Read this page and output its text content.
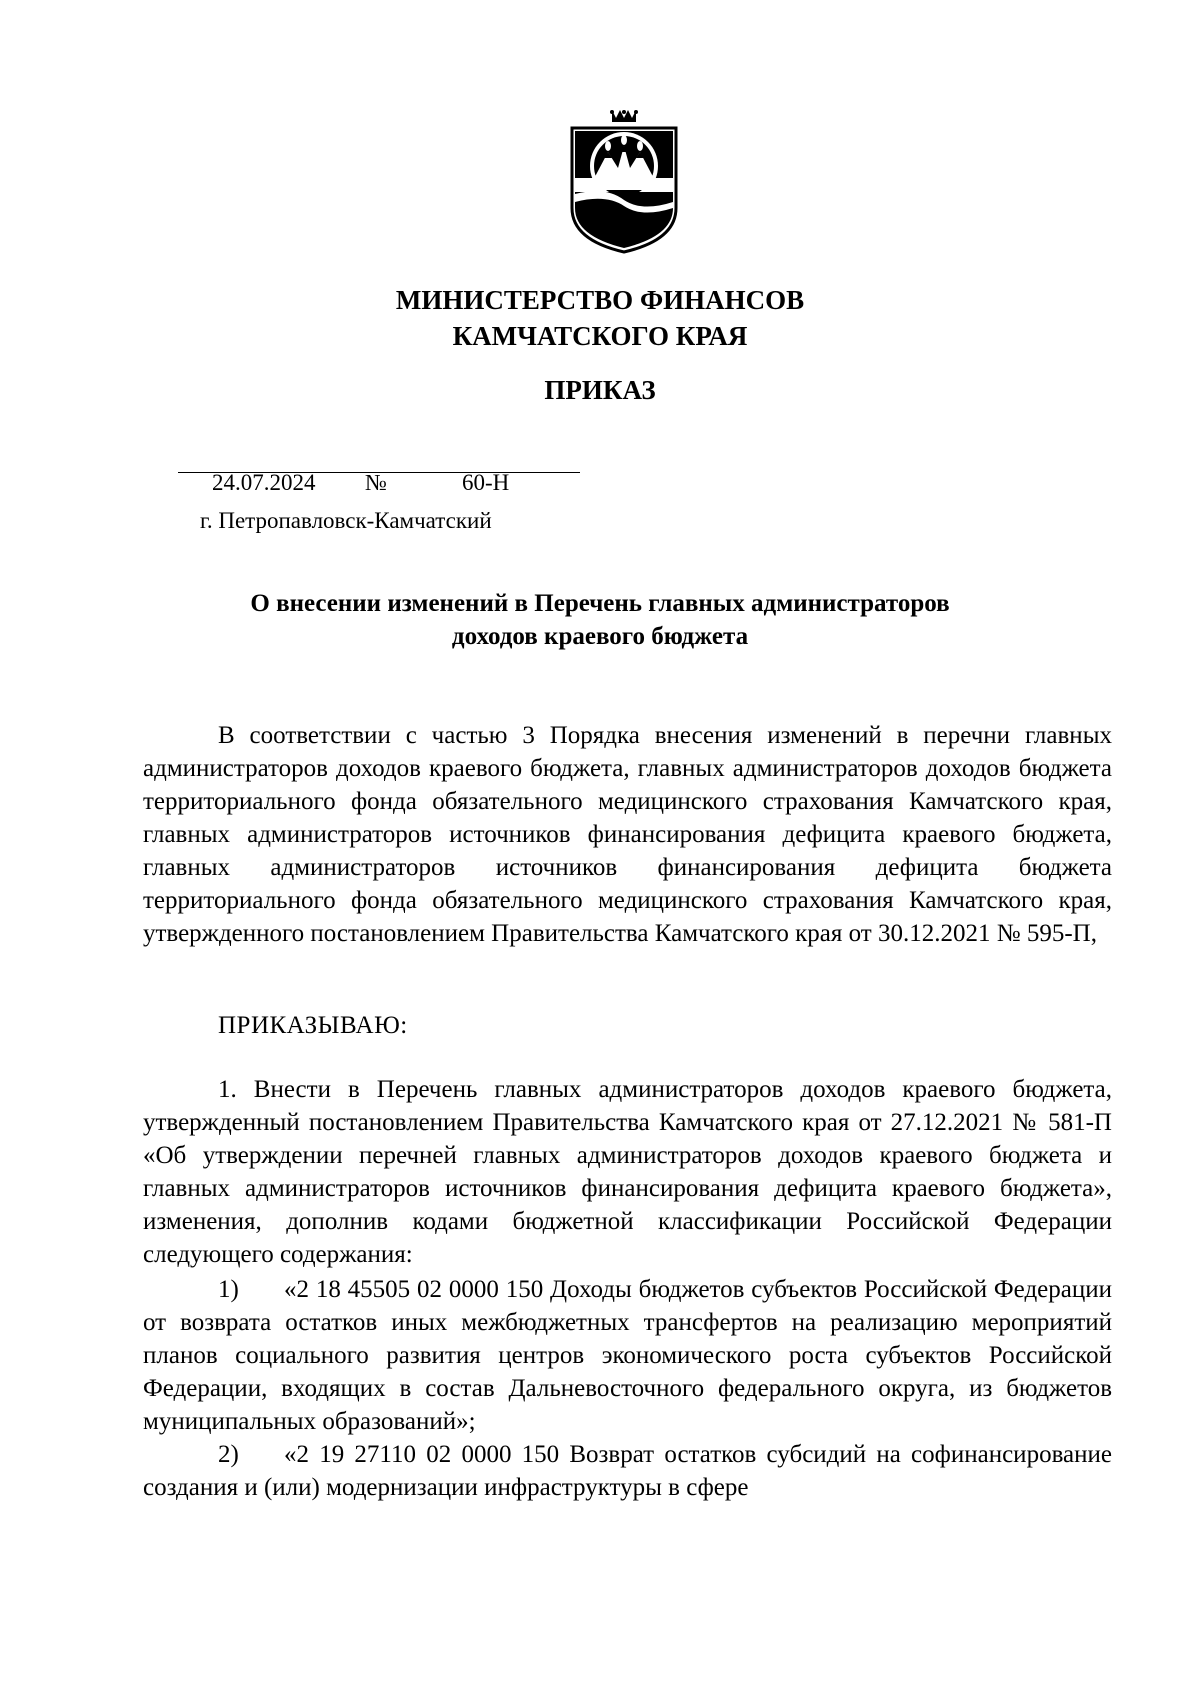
МИНИСТЕРСТВО ФИНАНСОВ
КАМЧАТСКОГО КРАЯ
ПРИКАЗ
24.07.2024 №	60-Н
г. Петропавловск-Камчатский
О внесении изменений в Перечень главных администраторов
доходов краевого бюджета
В соответствии с частью 3 Порядка внесения изменений в перечни главных администраторов доходов краевого бюджета, главных администраторов доходов бюджета территориального фонда обязательного медицинского страхования Камчатского края, главных администраторов источников финансирования дефицита краевого бюджета, главных администраторов источников финансирования дефицита бюджета территориального фонда обязательного медицинского страхования Камчатского края, утвержденного постановлением Правительства Камчатского края от 30.12.2021 № 595-П,
ПРИКАЗЫВАЮ:
1. Внести в Перечень главных администраторов доходов краевого бюджета, утвержденный постановлением Правительства Камчатского края от 27.12.2021 № 581-П «Об утверждении перечней главных администраторов доходов краевого бюджета и главных администраторов источников финансирования дефицита краевого бюджета», изменения, дополнив кодами бюджетной классификации Российской Федерации следующего содержания:
1) «2 18 45505 02 0000 150 Доходы бюджетов субъектов Российской Федерации от возврата остатков иных межбюджетных трансфертов на реализацию мероприятий планов социального развития центров экономического роста субъектов Российской Федерации, входящих в состав Дальневосточного федерального округа, из бюджетов муниципальных образований»;
2) «2 19 27110 02 0000 150 Возврат остатков субсидий на софинансирование создания и (или) модернизации инфраструктуры в сфере
